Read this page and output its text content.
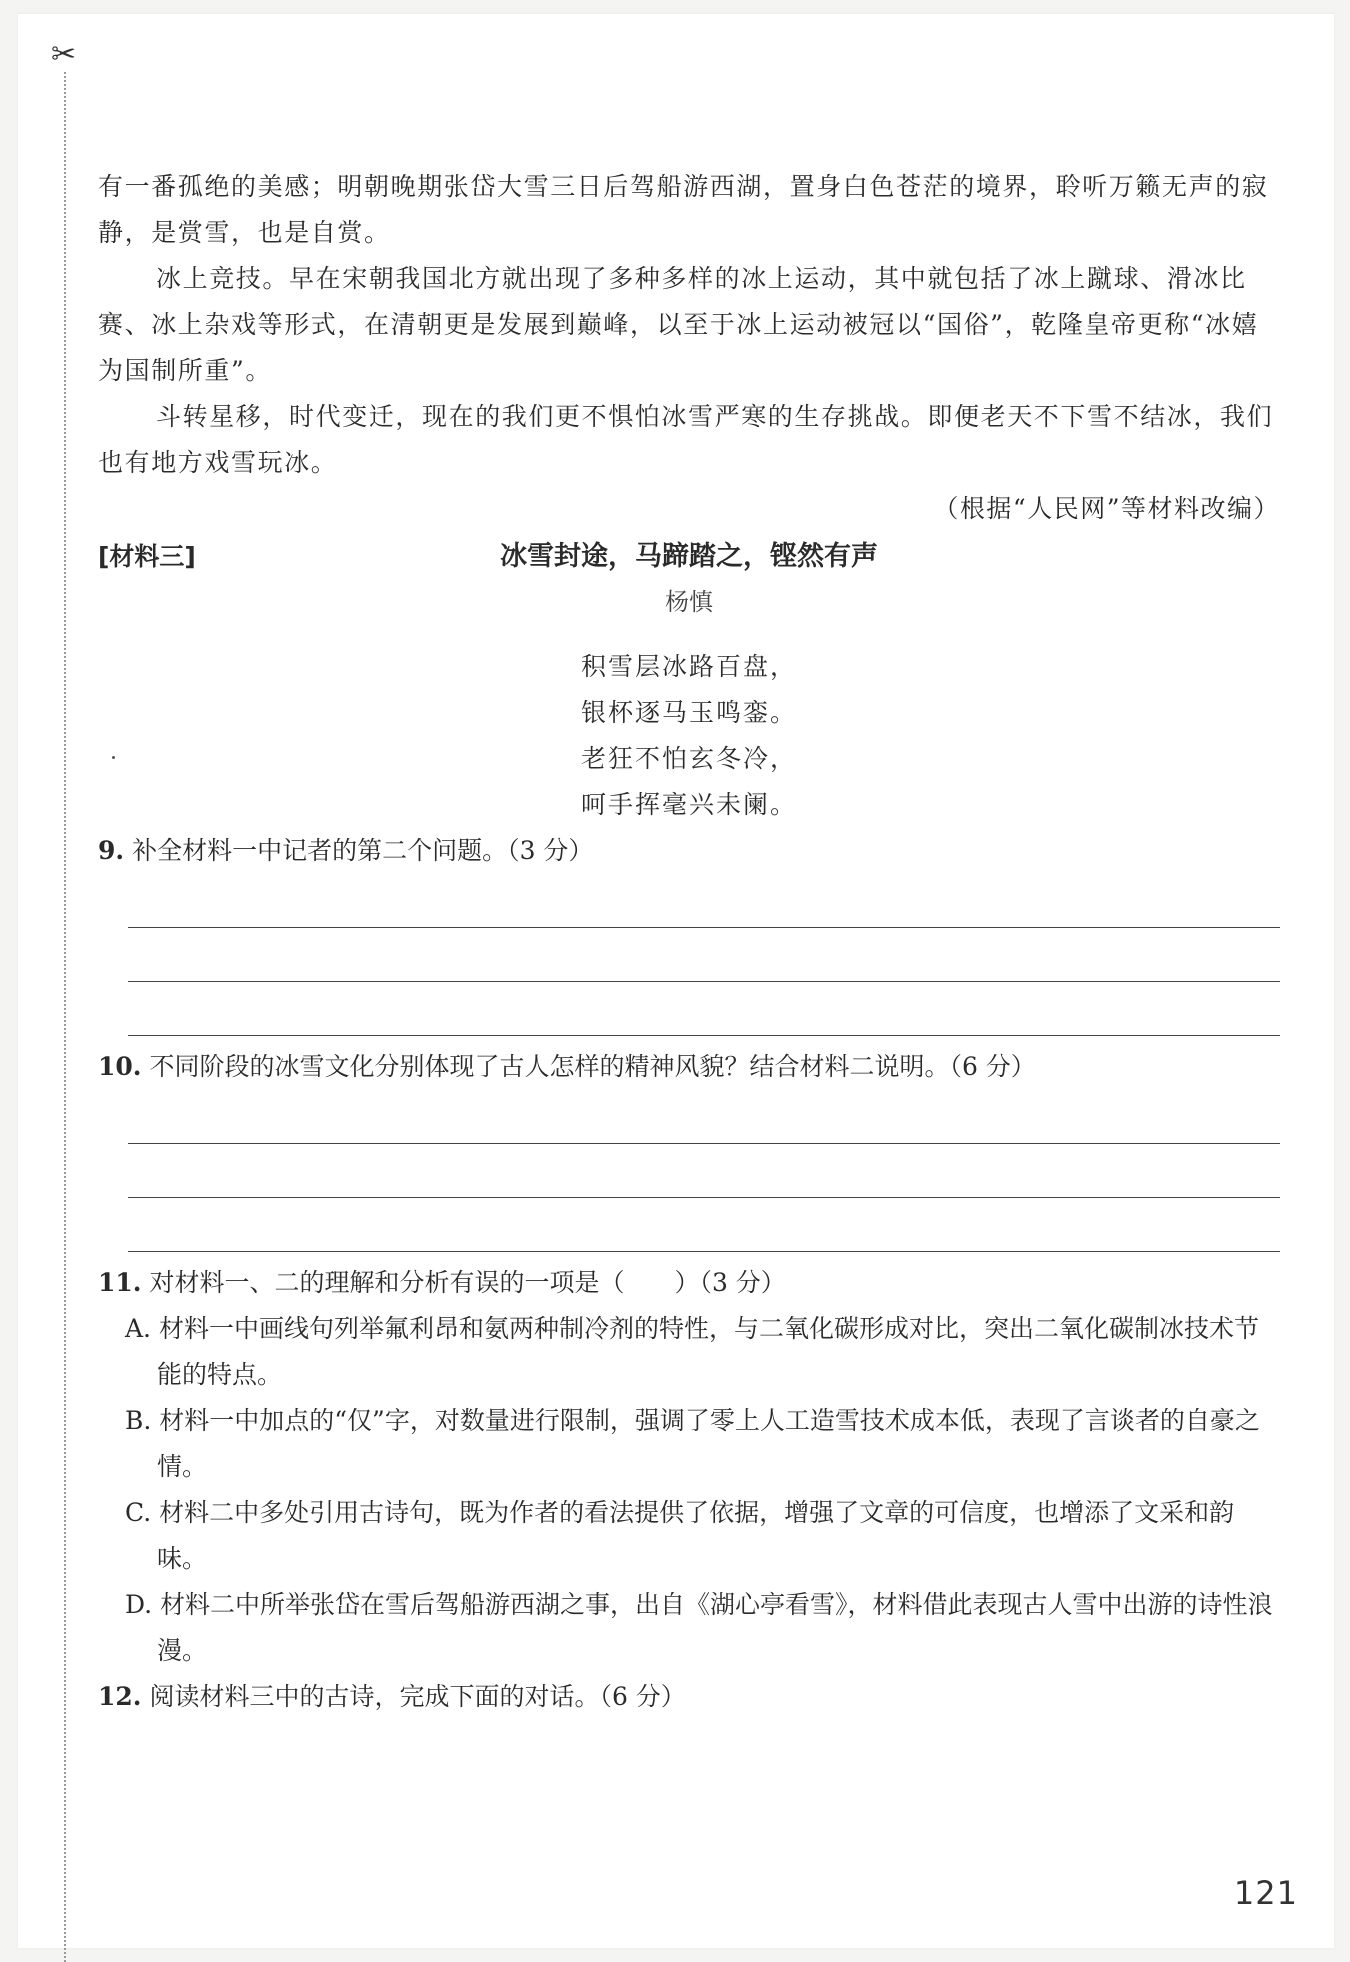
✂

有一番孤绝的美感；明朝晚期张岱大雪三日后驾船游西湖，置身白色苍茫的境界，聆听万籁无声的寂静，是赏雪，也是自赏。

冰上竞技。早在宋朝我国北方就出现了多种多样的冰上运动，其中就包括了冰上蹴球、滑冰比赛、冰上杂戏等形式，在清朝更是发展到巅峰，以至于冰上运动被冠以“国俗”，乾隆皇帝更称“冰嬉为国制所重”。

斗转星移，时代变迁，现在的我们更不惧怕冰雪严寒的生存挑战。即便老天不下雪不结冰，我们也有地方戏雪玩冰。

（根据“人民网”等材料改编）

[材料三]	冰雪封途，马蹄踏之，铿然有声

杨慎

积雪层冰路百盘，

银杯逐马玉鸣銮。

老狂不怕玄冬冷，

呵手挥毫兴未阑。

9. 补全材料一中记者的第二个问题。（3 分）

10. 不同阶段的冰雪文化分别体现了古人怎样的精神风貌？结合材料二说明。（6 分）

11. 对材料一、二的理解和分析有误的一项是（　　）（3 分）

A. 材料一中画线句列举氟利昂和氨两种制冷剂的特性，与二氧化碳形成对比，突出二氧化碳制冰技术节能的特点。

B. 材料一中加点的“仅”字，对数量进行限制，强调了零上人工造雪技术成本低，表现了言谈者的自豪之情。

C. 材料二中多处引用古诗句，既为作者的看法提供了依据，增强了文章的可信度，也增添了文采和韵味。

D. 材料二中所举张岱在雪后驾船游西湖之事，出自《湖心亭看雪》，材料借此表现古人雪中出游的诗性浪漫。

12. 阅读材料三中的古诗，完成下面的对话。（6 分）

121
